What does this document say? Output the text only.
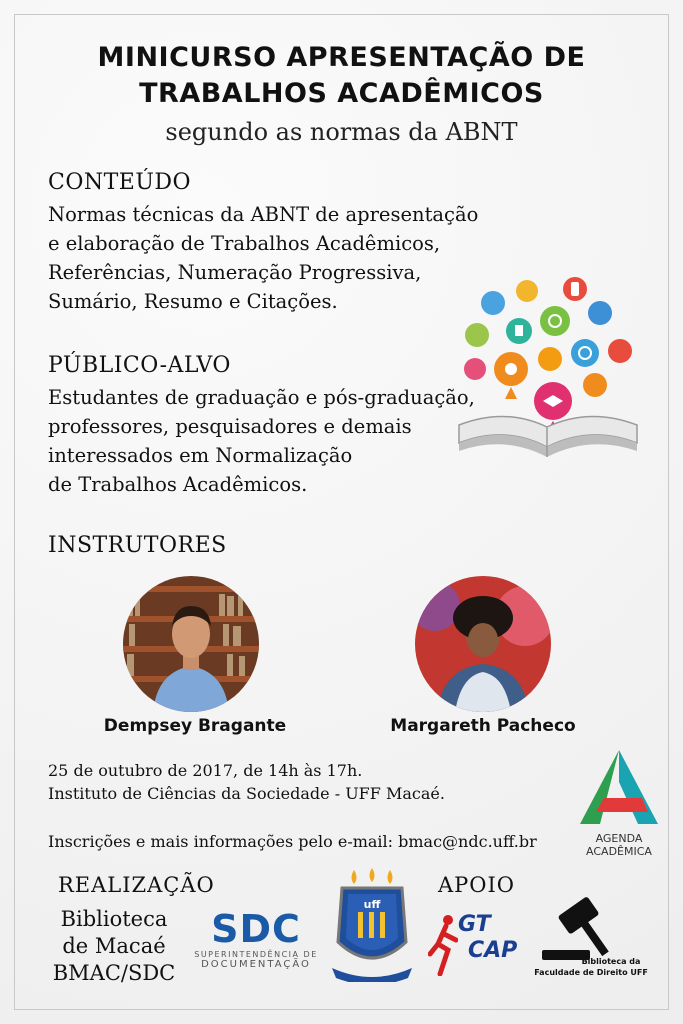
MINICURSO APRESENTAÇÃO DE
TRABALHOS ACADÊMICOS
segundo as normas da ABNT
CONTEÚDO
Normas técnicas da ABNT de apresentação
e elaboração de Trabalhos Acadêmicos,
Referências, Numeração Progressiva,
Sumário, Resumo e Citações.
PÚBLICO-ALVO
Estudantes de graduação e pós-graduação,
professores, pesquisadores e demais
interessados em Normalização
de Trabalhos Acadêmicos.
INSTRUTORES
Dempsey Bragante	Margareth Pacheco
25 de outubro de 2017, de 14h às 17h.
Instituto de Ciências da Sociedade - UFF Macaé.
Inscrições e mais informações pelo e-mail: bmac@ndc.uff.br	AGENDA
ACADÊMICA
REALIZAÇÃO
Biblioteca
de Macaé
BMAC/SDC
SDC
SUPERINTENDÊNCIA DE
DOCUMENTAÇÃO
uff
APOIO
GT
CAP	Biblioteca da
Faculdade de Direito UFF
